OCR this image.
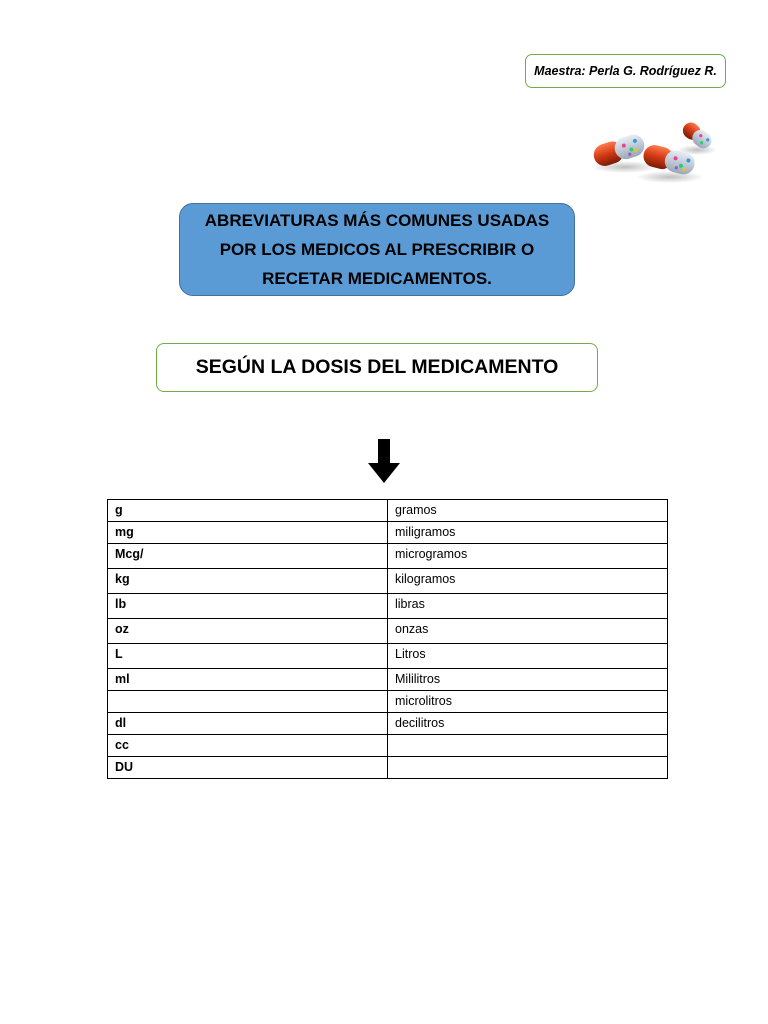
Maestra: Perla G. Rodríguez R.
ABREVIATURAS MÁS COMUNES USADAS POR LOS MEDICOS AL PRESCRIBIR O RECETAR MEDICAMENTOS.
SEGÚN LA DOSIS DEL MEDICAMENTO
g	gramos
mg	miligramos
Mcg/	microgramos
kg	kilogramos
lb	libras
oz	onzas
L	Litros
ml	Mililitros
	microlitros
dl	decilitros
cc	
DU	
